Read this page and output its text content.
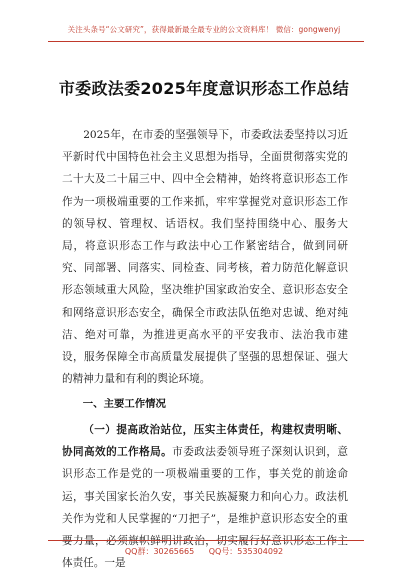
关注头条号“公文研究”，获得最新最全最专业的公文资料库！ 微信：gongwenyj
市委政法委2025年度意识形态工作总结
2025年，在市委的坚强领导下，市委政法委坚持以习近平新时代中国特色社会主义思想为指导，全面贯彻落实党的二十大及二十届三中、四中全会精神，始终将意识形态工作作为一项极端重要的工作来抓，牢牢掌握党对意识形态工作的领导权、管理权、话语权。我们坚持围绕中心、服务大局，将意识形态工作与政法中心工作紧密结合，做到同研究、同部署、同落实、同检查、同考核，着力防范化解意识形态领域重大风险，坚决维护国家政治安全、意识形态安全和网络意识形态安全，确保全市政法队伍绝对忠诚、绝对纯洁、绝对可靠，为推进更高水平的平安我市、法治我市建设，服务保障全市高质量发展提供了坚强的思想保证、强大的精神力量和有利的舆论环境。
一、主要工作情况
（一）提高政治站位，压实主体责任，构建权责明晰、协同高效的工作格局。市委政法委领导班子深刻认识到，意识形态工作是党的一项极端重要的工作，事关党的前途命运，事关国家长治久安，事关民族凝聚力和向心力。政法机关作为党和人民掌握的“刀把子”，是维护意识形态安全的重要力量，必须旗帜鲜明讲政治，切实履行好意识形态工作主体责任。一是
QQ群：30265665 QQ号：535304092
